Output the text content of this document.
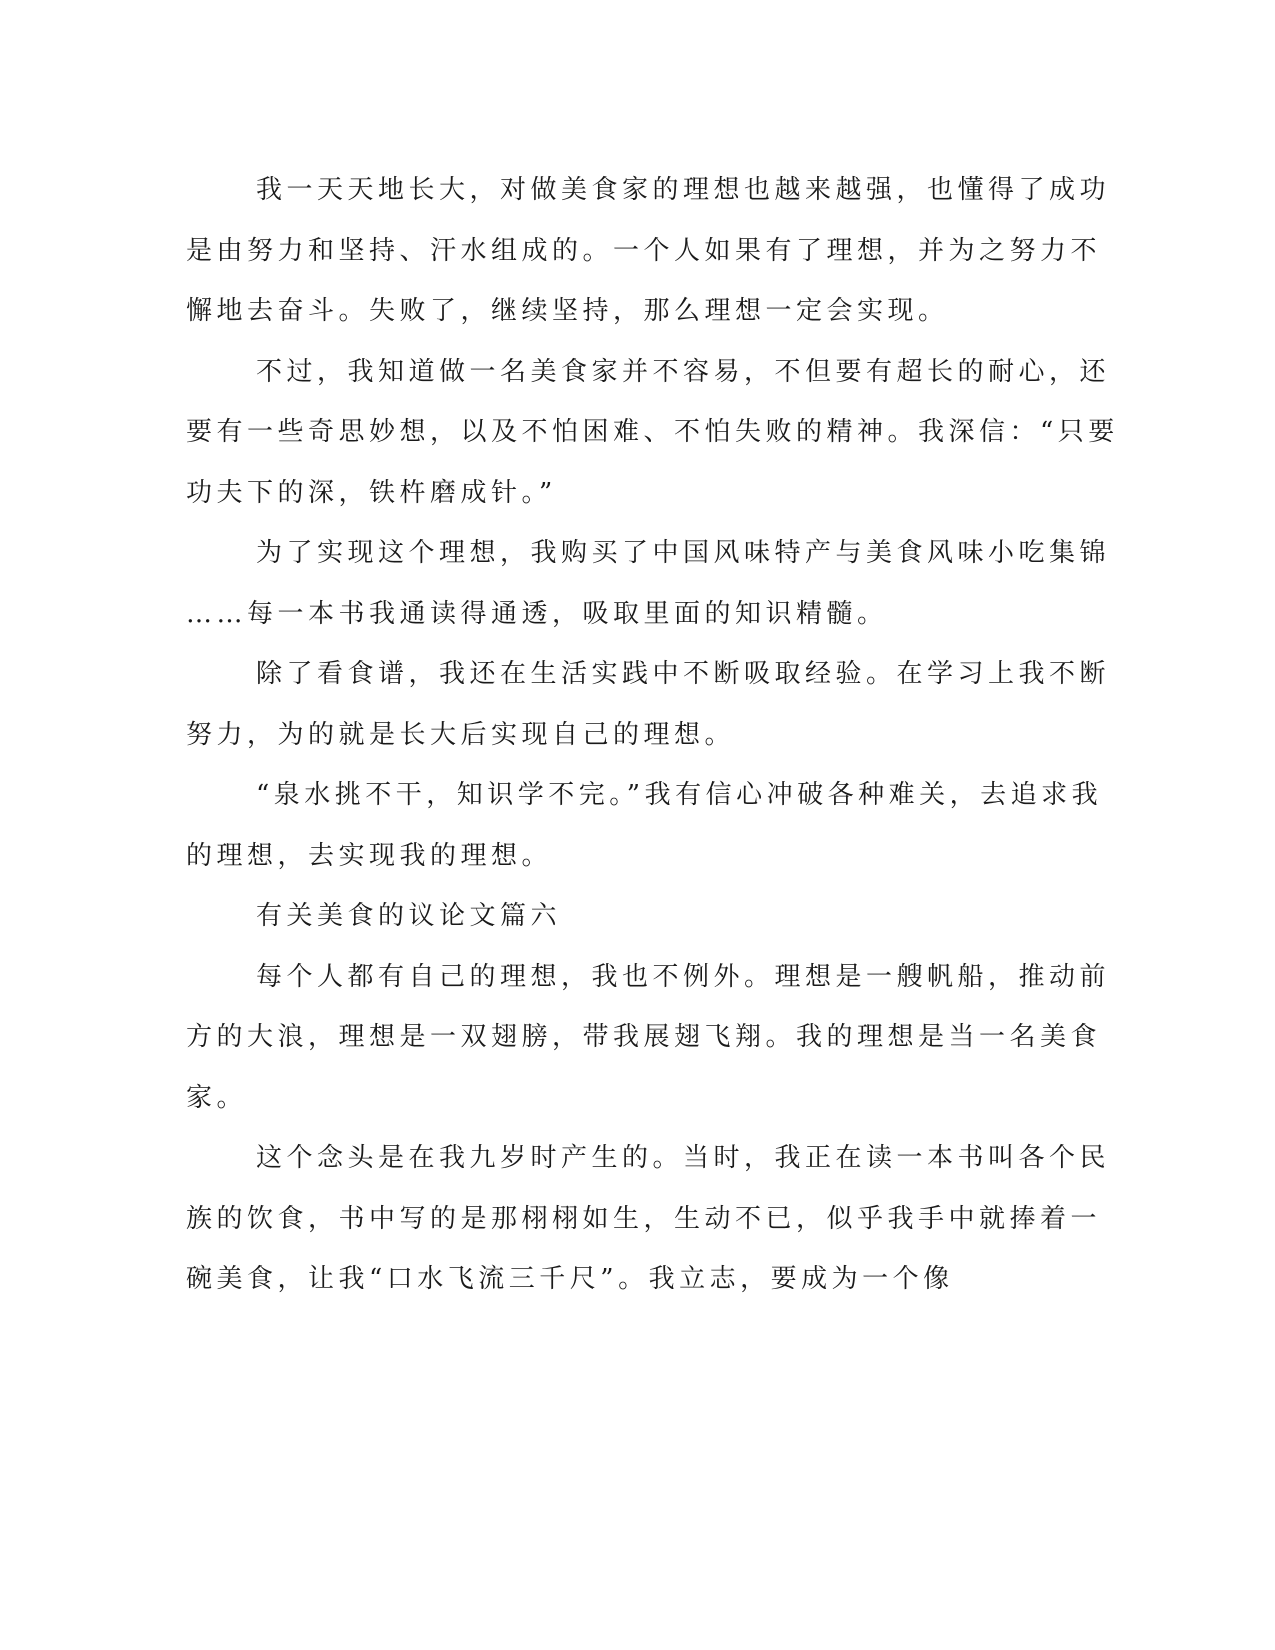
我一天天地长大，对做美食家的理想也越来越强，也懂得了成功
是由努力和坚持、汗水组成的。一个人如果有了理想，并为之努力不
懈地去奋斗。失败了，继续坚持，那么理想一定会实现。
不过，我知道做一名美食家并不容易，不但要有超长的耐心，还
要有一些奇思妙想，以及不怕困难、不怕失败的精神。我深信：“只要
功夫下的深，铁杵磨成针。”
为了实现这个理想，我购买了中国风味特产与美食风味小吃集锦
……每一本书我通读得通透，吸取里面的知识精髓。
除了看食谱，我还在生活实践中不断吸取经验。在学习上我不断
努力，为的就是长大后实现自己的理想。
“泉水挑不干，知识学不完。”我有信心冲破各种难关，去追求我
的理想，去实现我的理想。
有关美食的议论文篇六
每个人都有自己的理想，我也不例外。理想是一艘帆船，推动前
方的大浪，理想是一双翅膀，带我展翅飞翔。我的理想是当一名美食
家。
这个念头是在我九岁时产生的。当时，我正在读一本书叫各个民
族的饮食，书中写的是那栩栩如生，生动不已，似乎我手中就捧着一
碗美食，让我“口水飞流三千尺”。我立志，要成为一个像
